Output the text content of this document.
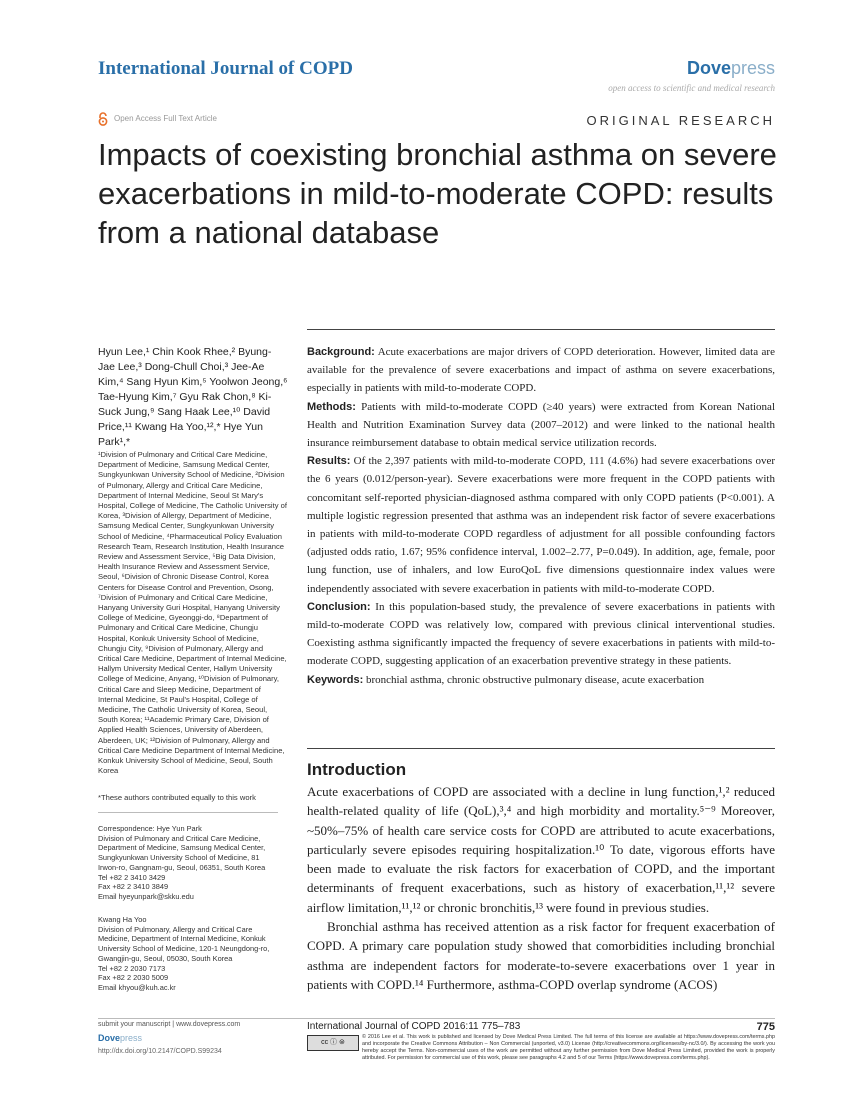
International Journal of COPD	Dovepress
open access to scientific and medical research
Open Access Full Text Article	ORIGINAL RESEARCH
Impacts of coexisting bronchial asthma on severe exacerbations in mild-to-moderate COPD: results from a national database
Hyun Lee,¹ Chin Kook Rhee,² Byung-Jae Lee,³ Dong-Chull Choi,³ Jee-Ae Kim,⁴ Sang Hyun Kim,⁵ Yoolwon Jeong,⁶ Tae-Hyung Kim,⁷ Gyu Rak Chon,⁸ Ki-Suck Jung,⁹ Sang Haak Lee,¹⁰ David Price,¹¹ Kwang Ha Yoo,¹²,* Hye Yun Park¹,*
¹Division of Pulmonary and Critical Care Medicine, Department of Medicine, Samsung Medical Center, Sungkyunkwan University School of Medicine, ²Division of Pulmonary, Allergy and Critical Care Medicine, Department of Internal Medicine, Seoul St Mary's Hospital, College of Medicine, The Catholic University of Korea, ³Division of Allergy, Department of Medicine, Samsung Medical Center, Sungkyunkwan University School of Medicine, ⁴Pharmaceutical Policy Evaluation Research Team, Research Institution, Health Insurance Review and Assessment Service, ⁵Big Data Division, Health Insurance Review and Assessment Service, Seoul, ⁶Division of Chronic Disease Control, Korea Centers for Disease Control and Prevention, Osong, ⁷Division of Pulmonary and Critical Care Medicine, Hanyang University Guri Hospital, Hanyang University College of Medicine, Gyeonggi-do, ⁸Department of Pulmonary and Critical Care Medicine, Chungju Hospital, Konkuk University School of Medicine, Chungju City, ⁹Division of Pulmonary, Allergy and Critical Care Medicine, Department of Internal Medicine, Hallym University Medical Center, Hallym University College of Medicine, Anyang, ¹⁰Division of Pulmonary, Critical Care and Sleep Medicine, Department of Internal Medicine, St Paul's Hospital, College of Medicine, The Catholic University of Korea, Seoul, South Korea; ¹¹Academic Primary Care, Division of Applied Health Sciences, University of Aberdeen, Aberdeen, UK; ¹²Division of Pulmonary, Allergy and Critical Care Medicine Department of Internal Medicine, Konkuk University School of Medicine, Seoul, South Korea
*These authors contributed equally to this work
Correspondence: Hye Yun Park
Division of Pulmonary and Critical Care Medicine,
Department of Medicine, Samsung Medical Center,
Sungkyunkwan University School of Medicine, 81
Irwon-ro, Gangnam-gu, Seoul, 06351, South Korea
Tel +82 2 3410 3429
Fax +82 2 3410 3849
Email hyeyunpark@skku.edu
Kwang Ha Yoo
Division of Pulmonary, Allergy and Critical Care
Medicine, Department of Internal Medicine, Konkuk
University School of Medicine, 120-1 Neungdong-ro,
Gwangjin-gu, Seoul, 05030, South Korea
Tel +82 2 2030 7173
Fax +82 2 2030 5009
Email khyou@kuh.ac.kr

Background: Acute exacerbations are major drivers of COPD deterioration. However, limited data are available for the prevalence of severe exacerbations and impact of asthma on severe exacerbations, especially in patients with mild-to-moderate COPD.

Methods: Patients with mild-to-moderate COPD (≥40 years) were extracted from Korean National Health and Nutrition Examination Survey data (2007–2012) and were linked to the national health insurance reimbursement database to obtain medical service utilization records.

Results: Of the 2,397 patients with mild-to-moderate COPD, 111 (4.6%) had severe exacerbations over the 6 years (0.012/person-year). Severe exacerbations were more frequent in the COPD patients with concomitant self-reported physician-diagnosed asthma compared with only COPD patients (P<0.001). A multiple logistic regression presented that asthma was an independent risk factor of severe exacerbations in patients with mild-to-moderate COPD regardless of adjustment for all possible confounding factors (adjusted odds ratio, 1.67; 95% confidence interval, 1.002–2.77, P=0.049). In addition, age, female, poor lung function, use of inhalers, and low EuroQoL five dimensions questionnaire index values were independently associated with severe exacerbation in patients with mild-to-moderate COPD.

Conclusion: In this population-based study, the prevalence of severe exacerbations in patients with mild-to-moderate COPD was relatively low, compared with previous clinical interventional studies. Coexisting asthma significantly impacted the frequency of severe exacerbations in patients with mild-to-moderate COPD, suggesting application of an exacerbation preventive strategy in these patients.

Keywords: bronchial asthma, chronic obstructive pulmonary disease, acute exacerbation

Introduction

Acute exacerbations of COPD are associated with a decline in lung function,¹,² reduced health-related quality of life (QoL),³,⁴ and high morbidity and mortality.⁵⁻⁹ Moreover, ~50%–75% of health care service costs for COPD are attributed to acute exacerbations, particularly severe episodes requiring hospitalization.¹⁰ To date, vigorous efforts have been made to evaluate the risk factors for exacerbation of COPD, and the important determinants of frequent exacerbations, such as history of exacerbation,¹¹,¹² severe airflow limitation,¹¹,¹² or chronic bronchitis,¹³ were found in previous studies.

Bronchial asthma has received attention as a risk factor for frequent exacerbation of COPD. A primary care population study showed that comorbidities including bronchial asthma are independent factors for moderate-to-severe exacerbations over 1 year in patients with COPD.¹⁴ Furthermore, asthma-COPD overlap syndrome (ACOS)

submit your manuscript | www.dovepress.com
Dovepress
http://dx.doi.org/10.2147/COPD.S99234
International Journal of COPD 2016:11 775–783	775
cc ⓘ ⊜
© 2016 Lee et al. This work is published and licensed by Dove Medical Press Limited. The full terms of this license are available at https://www.dovepress.com/terms.php and incorporate the Creative Commons Attribution – Non Commercial (unported, v3.0) License (http://creativecommons.org/licenses/by-nc/3.0/). By accessing the work you hereby accept the Terms. Non-commercial uses of the work are permitted without any further permission from Dove Medical Press Limited, provided the work is properly attributed. For permission for commercial use of this work, please see paragraphs 4.2 and 5 of our Terms (https://www.dovepress.com/terms.php).
